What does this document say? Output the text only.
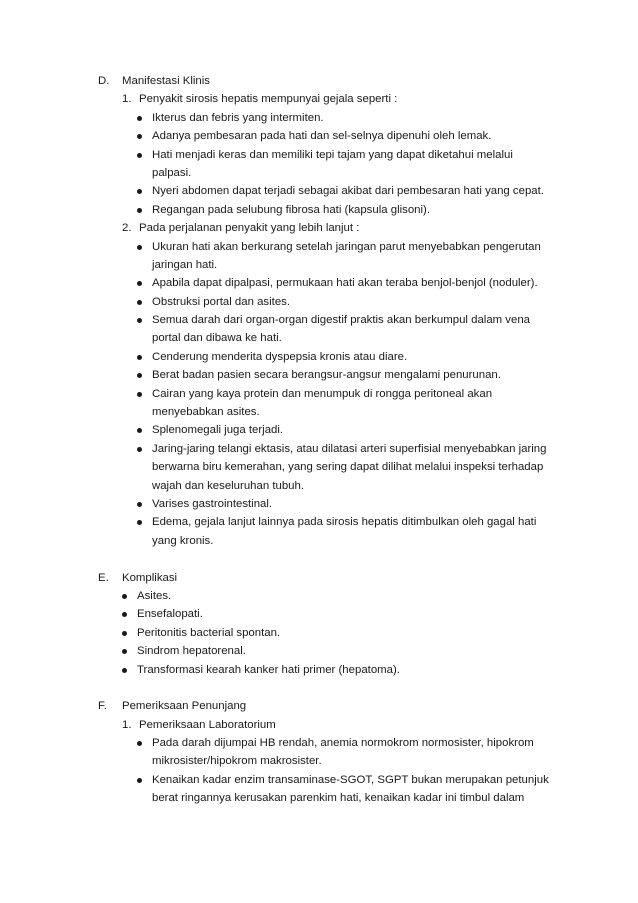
D. Manifestasi Klinis
1. Penyakit sirosis hepatis mempunyai gejala seperti :
Ikterus dan febris yang intermiten.
Adanya pembesaran pada hati dan sel-selnya dipenuhi oleh lemak.
Hati menjadi keras dan memiliki tepi tajam yang dapat diketahui melalui
palpasi.
Nyeri abdomen dapat terjadi sebagai akibat dari pembesaran hati yang cepat.
Regangan pada selubung fibrosa hati (kapsula glisoni).
2. Pada perjalanan penyakit yang lebih lanjut :
Ukuran hati akan berkurang setelah jaringan parut menyebabkan pengerutan
jaringan hati.
Apabila dapat dipalpasi, permukaan hati akan teraba benjol-benjol (noduler).
Obstruksi portal dan asites.
Semua darah dari organ-organ digestif praktis akan berkumpul dalam vena
portal dan dibawa ke hati.
Cenderung menderita dyspepsia kronis atau diare.
Berat badan pasien secara berangsur-angsur mengalami penurunan.
Cairan yang kaya protein dan menumpuk di rongga peritoneal akan
menyebabkan asites.
Splenomegali juga terjadi.
Jaring-jaring telangi ektasis, atau dilatasi arteri superfisial menyebabkan jaring
berwarna biru kemerahan, yang sering dapat dilihat melalui inspeksi terhadap
wajah dan keseluruhan tubuh.
Varises gastrointestinal.
Edema, gejala lanjut lainnya pada sirosis hepatis ditimbulkan oleh gagal hati
yang kronis.
E. Komplikasi
Asites.
Ensefalopati.
Peritonitis bacterial spontan.
Sindrom hepatorenal.
Transformasi kearah kanker hati primer (hepatoma).
F. Pemeriksaan Penunjang
1. Pemeriksaan Laboratorium
Pada darah dijumpai HB rendah, anemia normokrom normosister, hipokrom
mikrosister/hipokrom makrosister.
Kenaikan kadar enzim transaminase-SGOT, SGPT bukan merupakan petunjuk
berat ringannya kerusakan parenkim hati, kenaikan kadar ini timbul dalam
